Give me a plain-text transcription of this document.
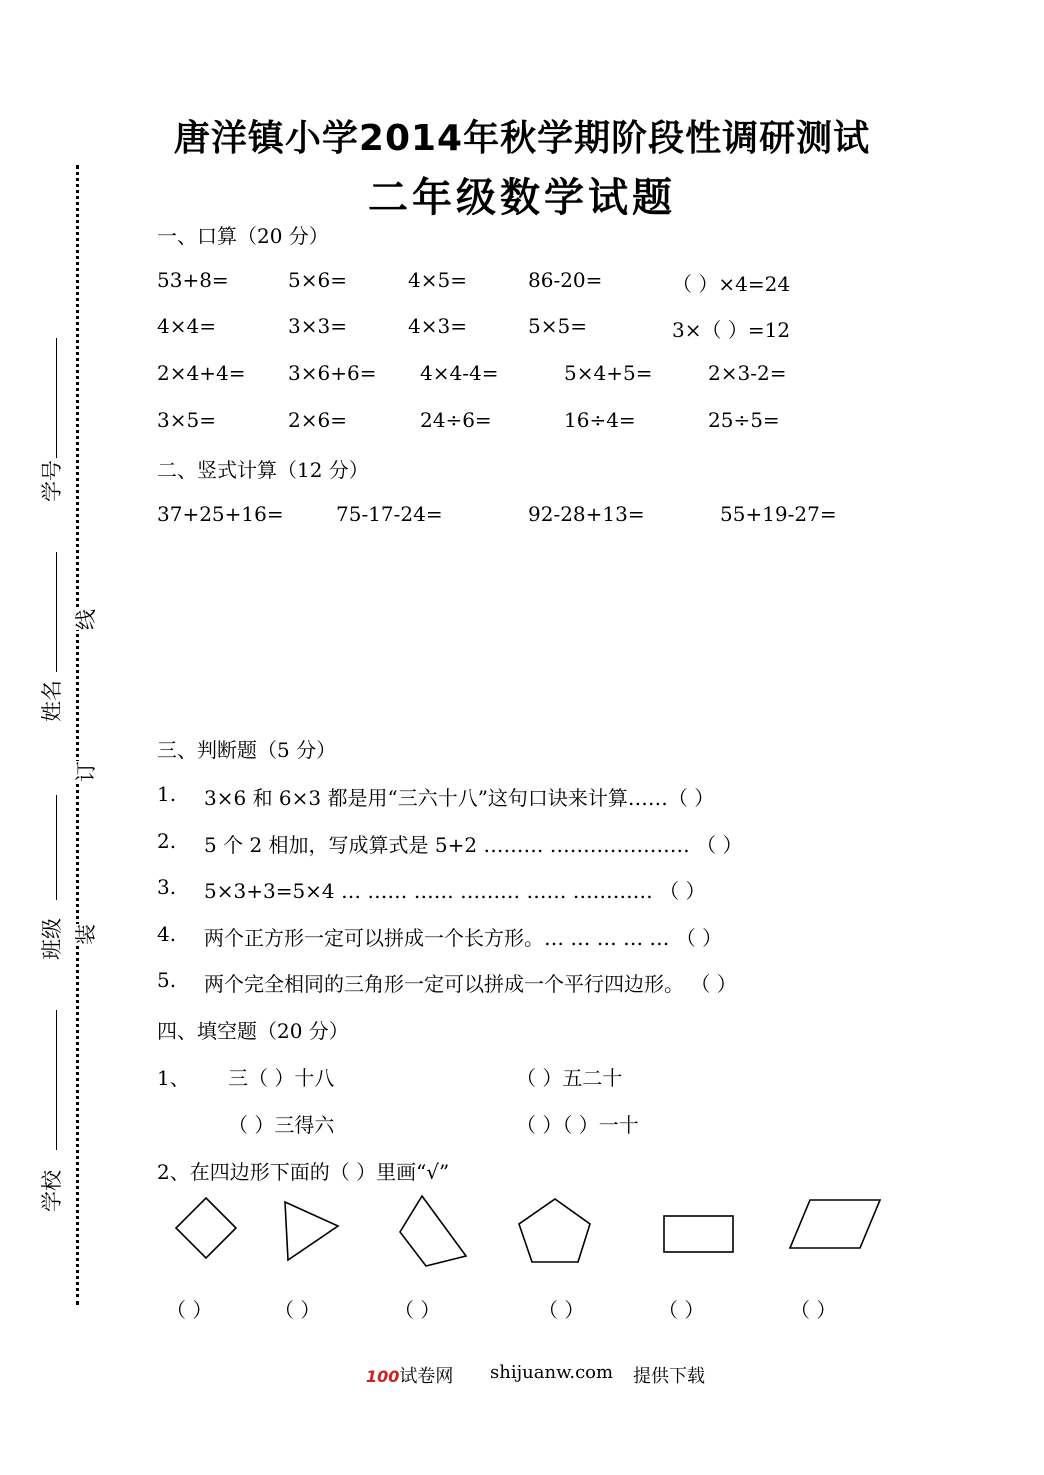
唐洋镇小学2014年秋学期阶段性调研测试
二年级数学试题
学号
姓名
班级
学校
线
订
装
一、口算（20 分）
53+8=	5×6=	4×5=	86-20=	（ ）×4=24
4×4=	3×3=	4×3=	5×5=	3×（ ）=12
2×4+4= 3×6+6= 4×4-4=	5×4+5=	2×3-2=
3×5=	2×6=	24÷6=	16÷4=	25÷5=
二、竖式计算（12 分）
37+25+16=	75-17-24=	92-28+13=	55+19-27=
三、判断题（5 分）
1. 3×6 和 6×3 都是用“三六十八”这句口诀来计算……（ ）
2. 5 个 2 相加，写成算式是 5+2 ……… ………………… （ ）
3. 5×3+3=5×4 … …… …… ……… …… ………… （ ）
4. 两个正方形一定可以拼成一个长方形。… … … … … （ ）
5. 两个完全相同的三角形一定可以拼成一个平行四边形。 （ ）
四、填空题（20 分）
1、 三（ ）十八	（ ）五二十
（ ）三得六	（ ）（ ）一十
2、在四边形下面的（ ）里画“√”
（ ）	（ ）	（ ）	（ ）	（ ）	（ ）
100试卷网 shijuanw.com 提供下载
